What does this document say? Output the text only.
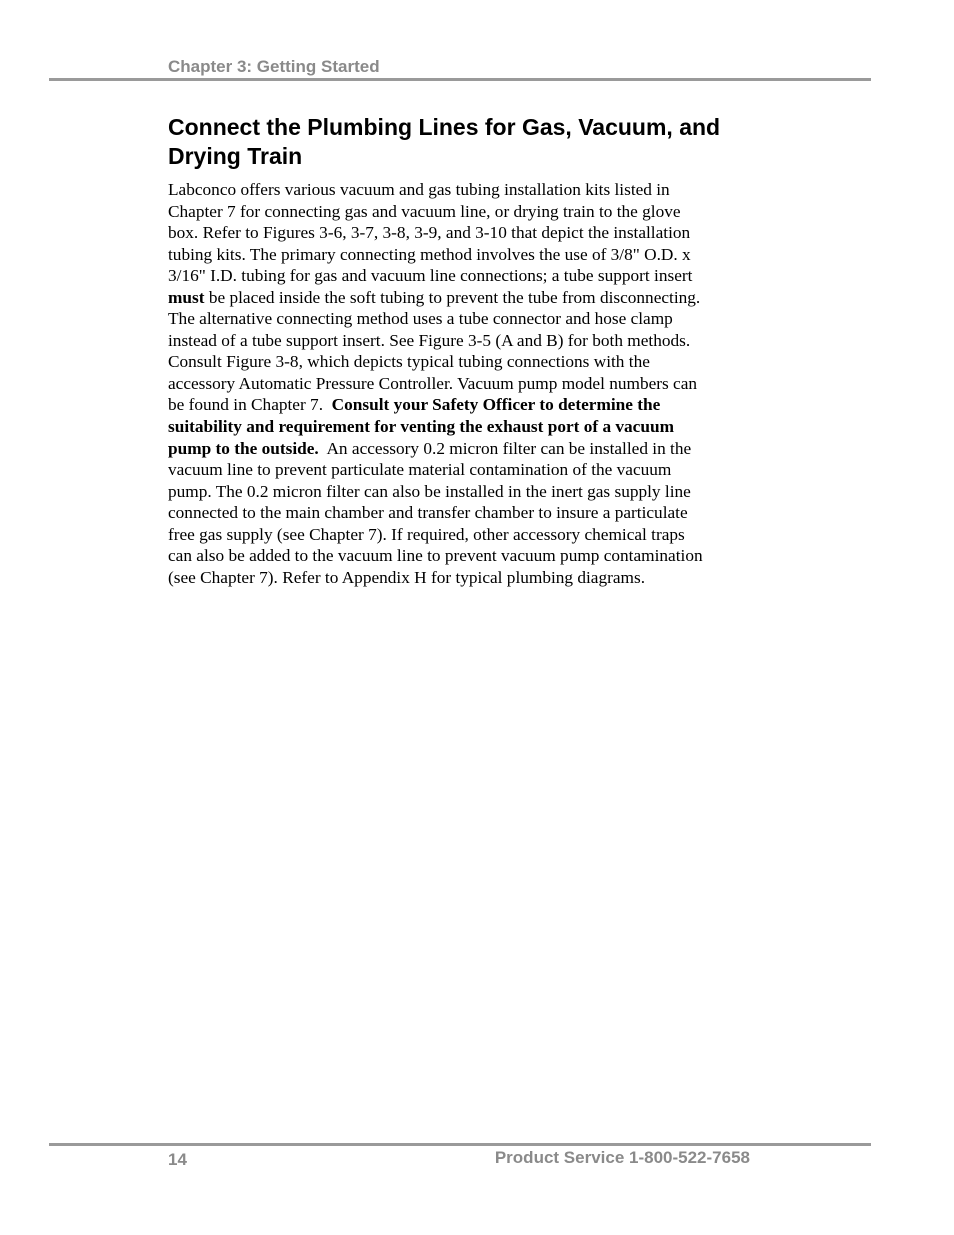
Chapter 3: Getting Started
Connect the Plumbing Lines for Gas, Vacuum, and Drying Train
Labconco offers various vacuum and gas tubing installation kits listed in
Chapter 7 for connecting gas and vacuum line, or drying train to the glove
box. Refer to Figures 3-6, 3-7, 3-8, 3-9, and 3-10 that depict the installation
tubing kits. The primary connecting method involves the use of 3/8" O.D. x
3/16" I.D. tubing for gas and vacuum line connections; a tube support insert
must be placed inside the soft tubing to prevent the tube from disconnecting.
The alternative connecting method uses a tube connector and hose clamp
instead of a tube support insert. See Figure 3-5 (A and B) for both methods.
Consult Figure 3-8, which depicts typical tubing connections with the
accessory Automatic Pressure Controller. Vacuum pump model numbers can
be found in Chapter 7.  Consult your Safety Officer to determine the
suitability and requirement for venting the exhaust port of a vacuum
pump to the outside.  An accessory 0.2 micron filter can be installed in the
vacuum line to prevent particulate material contamination of the vacuum
pump. The 0.2 micron filter can also be installed in the inert gas supply line
connected to the main chamber and transfer chamber to insure a particulate
free gas supply (see Chapter 7). If required, other accessory chemical traps
can also be added to the vacuum line to prevent vacuum pump contamination
(see Chapter 7). Refer to Appendix H for typical plumbing diagrams.
14	Product Service 1-800-522-7658
